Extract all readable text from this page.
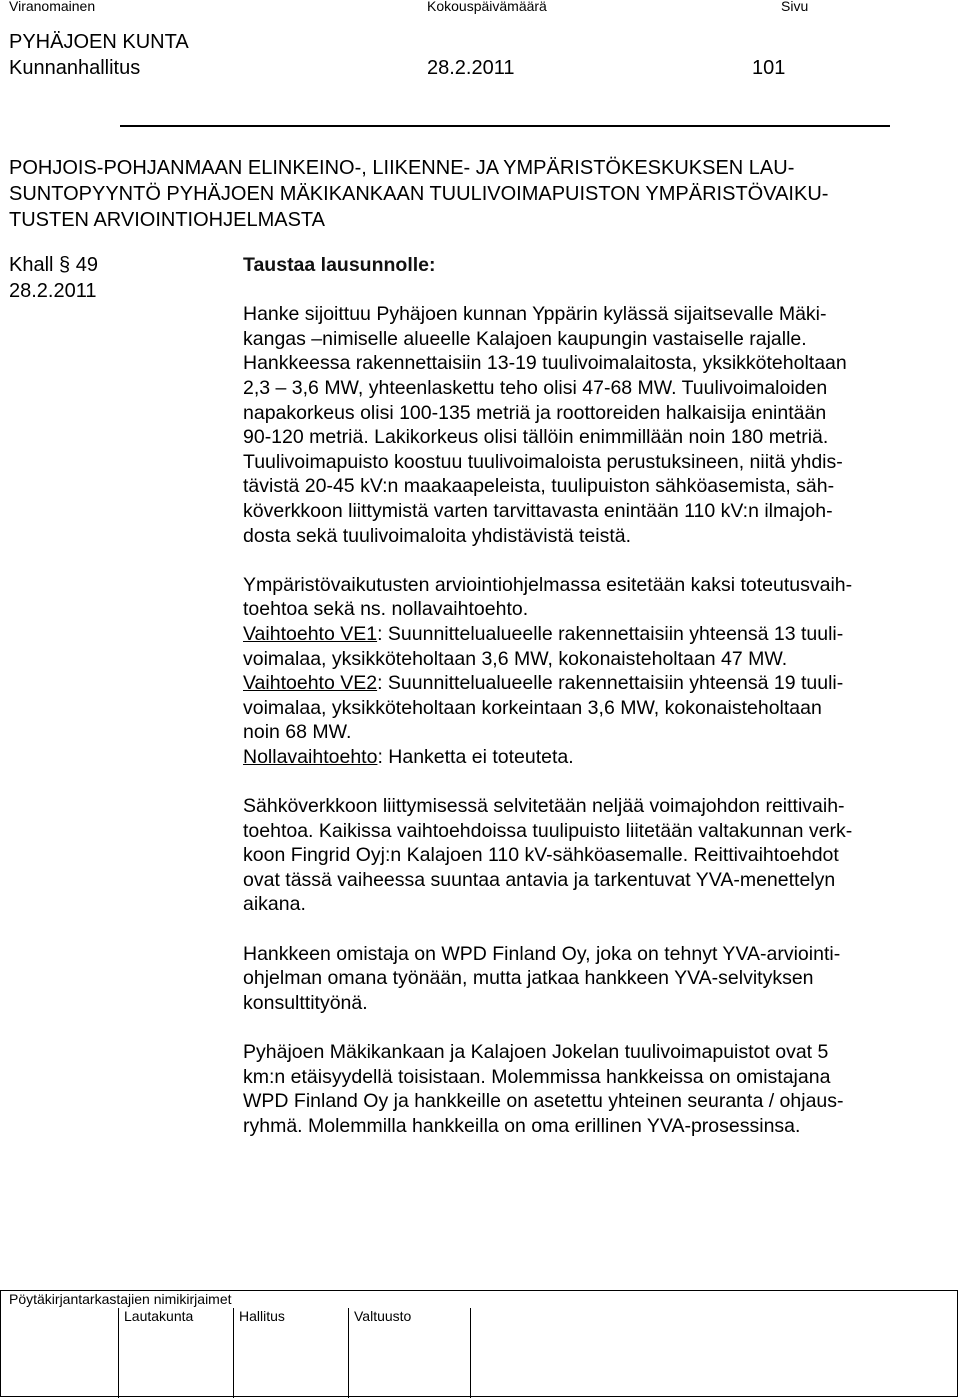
Viranomainen	Kokouspäivämäärä	Sivu
PYHÄJOEN KUNTA
Kunnanhallitus	28.2.2011	101
POHJOIS-POHJANMAAN ELINKEINO-, LIIKENNE- JA YMPÄRISTÖKESKUKSEN LAU-
SUNTOPYYNTÖ PYHÄJOEN MÄKIKANKAAN TUULIVOIMAPUISTON YMPÄRISTÖVAIKU-
TUSTEN ARVIOINTIOHJELMASTA
Khall § 49
28.2.2011
Taustaa lausunnolle:
Hanke sijoittuu Pyhäjoen kunnan Yppärin kylässä sijaitsevalle Mäki-
kangas –nimiselle alueelle Kalajoen kaupungin vastaiselle rajalle.
Hankkeessa rakennettaisiin 13-19 tuulivoimalaitosta, yksikköteholtaan
2,3 – 3,6 MW, yhteenlaskettu teho olisi 47-68 MW. Tuulivoimaloiden
napakorkeus olisi 100-135 metriä ja roottoreiden halkaisija enintään
90-120 metriä. Lakikorkeus olisi tällöin enimmillään noin 180 metriä.
Tuulivoimapuisto koostuu tuulivoimaloista perustuksineen, niitä yhdis-
tävistä 20-45 kV:n maakaapeleista, tuulipuiston sähköasemista, säh-
köverkkoon liittymistä varten tarvittavasta enintään 110 kV:n ilmajoh-
dosta sekä tuulivoimaloita yhdistävistä teistä.
Ympäristövaikutusten arviointiohjelmassa esitetään kaksi toteutusvaih-
toehtoa sekä ns. nollavaihtoehto.
Vaihtoehto VE1: Suunnittelualueelle rakennettaisiin yhteensä 13 tuuli-
voimalaa, yksikköteholtaan 3,6 MW, kokonaisteholtaan 47 MW.
Vaihtoehto VE2: Suunnittelualueelle rakennettaisiin yhteensä 19 tuuli-
voimalaa, yksikköteholtaan korkeintaan 3,6 MW, kokonaisteholtaan
noin 68 MW.
Nollavaihtoehto: Hanketta ei toteuteta.
Sähköverkkoon liittymisessä selvitetään neljää voimajohdon reittivaih-
toehtoa. Kaikissa vaihtoehdoissa tuulipuisto liitetään valtakunnan verk-
koon Fingrid Oyj:n Kalajoen 110 kV-sähköasemalle. Reittivaihtoehdot
ovat tässä vaiheessa suuntaa antavia ja tarkentuvat YVA-menettelyn
aikana.
Hankkeen omistaja on WPD Finland Oy, joka on tehnyt YVA-arviointi-
ohjelman omana työnään, mutta jatkaa hankkeen YVA-selvityksen
konsulttityönä.
Pyhäjoen Mäkikankaan ja Kalajoen Jokelan tuulivoimapuistot ovat 5
km:n etäisyydellä toisistaan. Molemmissa hankkeissa on omistajana
WPD Finland Oy ja hankkeille on asetettu yhteinen seuranta / ohjaus-
ryhmä. Molemmilla hankkeilla on oma erillinen YVA-prosessinsa.
Pöytäkirjantarkastajien nimikirjaimet
Lautakunta	Hallitus	Valtuusto
